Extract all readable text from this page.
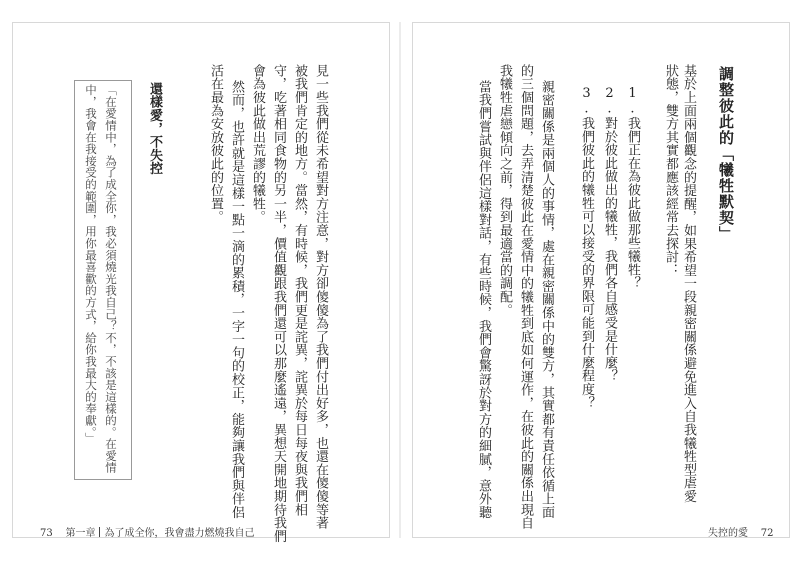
調整彼此的「犧牲默契」
基於上面兩個觀念的提醒，如果希望一段親密關係避免進入自我犧牲型虐愛
狀態，雙方其實都應該經常去探討：
1.我們正在為彼此做那些犧牲？
2.對於彼此做出的犧牲，我們各自感受是什麼？
3.我們彼此的犧牲可以接受的界限可能到什麼程度？
親密關係是兩個人的事情，處在親密關係中的雙方，其實都有責任依循上面
的三個問題，去弄清楚彼此在愛情中的犧牲到底如何運作，在彼此的關係出現自
我犧牲虐戀傾向之前，得到最適當的調配。
當我們嘗試與伴侶這樣對話，有些時候，我們會驚訝於對方的細膩，意外聽
見一些我們從未希望對方注意，對方卻傻傻為了我們付出好多，也還在傻傻等著
被我們肯定的地方。當然，有時候，我們更是詫異，詫異於每日每夜與我們相
守，吃著相同食物的另一半，價值觀跟我們還可以那麼遙遠，異想天開地期待我們
會為彼此做出荒謬的犧牲。
然而，也許就是這樣一點一滴的累積，一字一句的校正，能夠讓我們與伴侶
活在最為安放彼此的位置。
還樣愛，不失控
「在愛情中，為了成全你，我必須燒光我自己？不，不該是這樣的。在愛情
中，我會在我接受的範圍，用你最喜歡的方式，給你我最大的奉獻。」
73 第一章 為了成全你，我會盡力燃燒我自己	失控的愛 72
